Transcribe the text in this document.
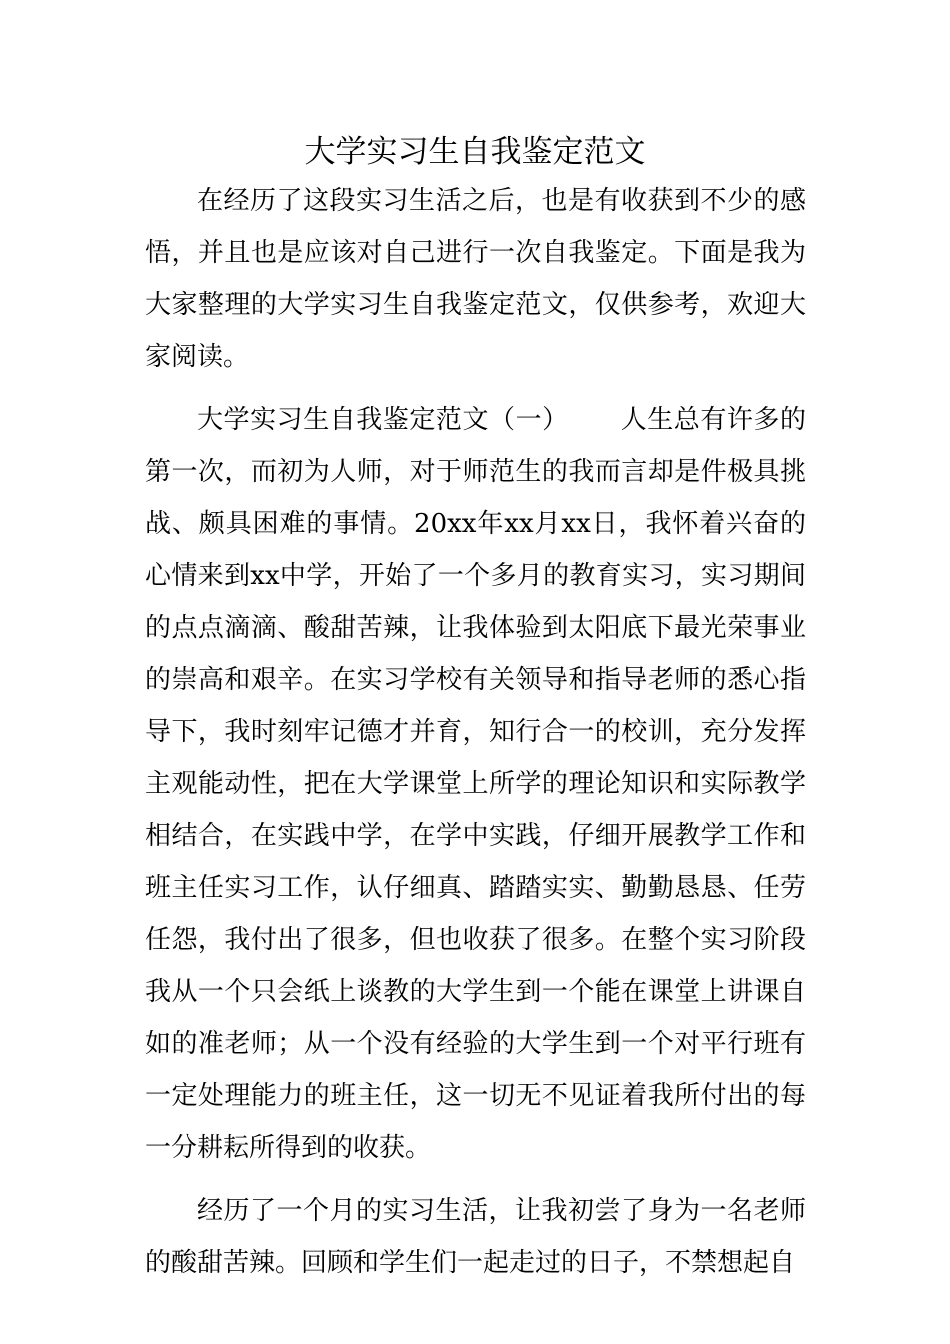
大学实习生自我鉴定范文

在经历了这段实习生活之后，也是有收获到不少的感悟，并且也是应该对自己进行一次自我鉴定。下面是我为大家整理的大学实习生自我鉴定范文，仅供参考，欢迎大家阅读。

大学实习生自我鉴定范文（一） 人生总有许多的第一次，而初为人师，对于师范生的我而言却是件极具挑战、颇具困难的事情。20xx年xx月xx日，我怀着兴奋的心情来到xx中学，开始了一个多月的教育实习，实习期间的点点滴滴、酸甜苦辣，让我体验到太阳底下最光荣事业的崇高和艰辛。在实习学校有关领导和指导老师的悉心指导下，我时刻牢记德才并育，知行合一的校训，充分发挥主观能动性，把在大学课堂上所学的理论知识和实际教学相结合，在实践中学，在学中实践，仔细开展教学工作和班主任实习工作，认仔细真、踏踏实实、勤勤恳恳、任劳任怨，我付出了很多，但也收获了很多。在整个实习阶段我从一个只会纸上谈教的大学生到一个能在课堂上讲课自如的准老师；从一个没有经验的大学生到一个对平行班有一定处理能力的班主任，这一切无不见证着我所付出的每一分耕耘所得到的收获。

经历了一个月的实习生活，让我初尝了身为一名老师的酸甜苦辣。回顾和学生们一起走过的日子，不禁想起自
